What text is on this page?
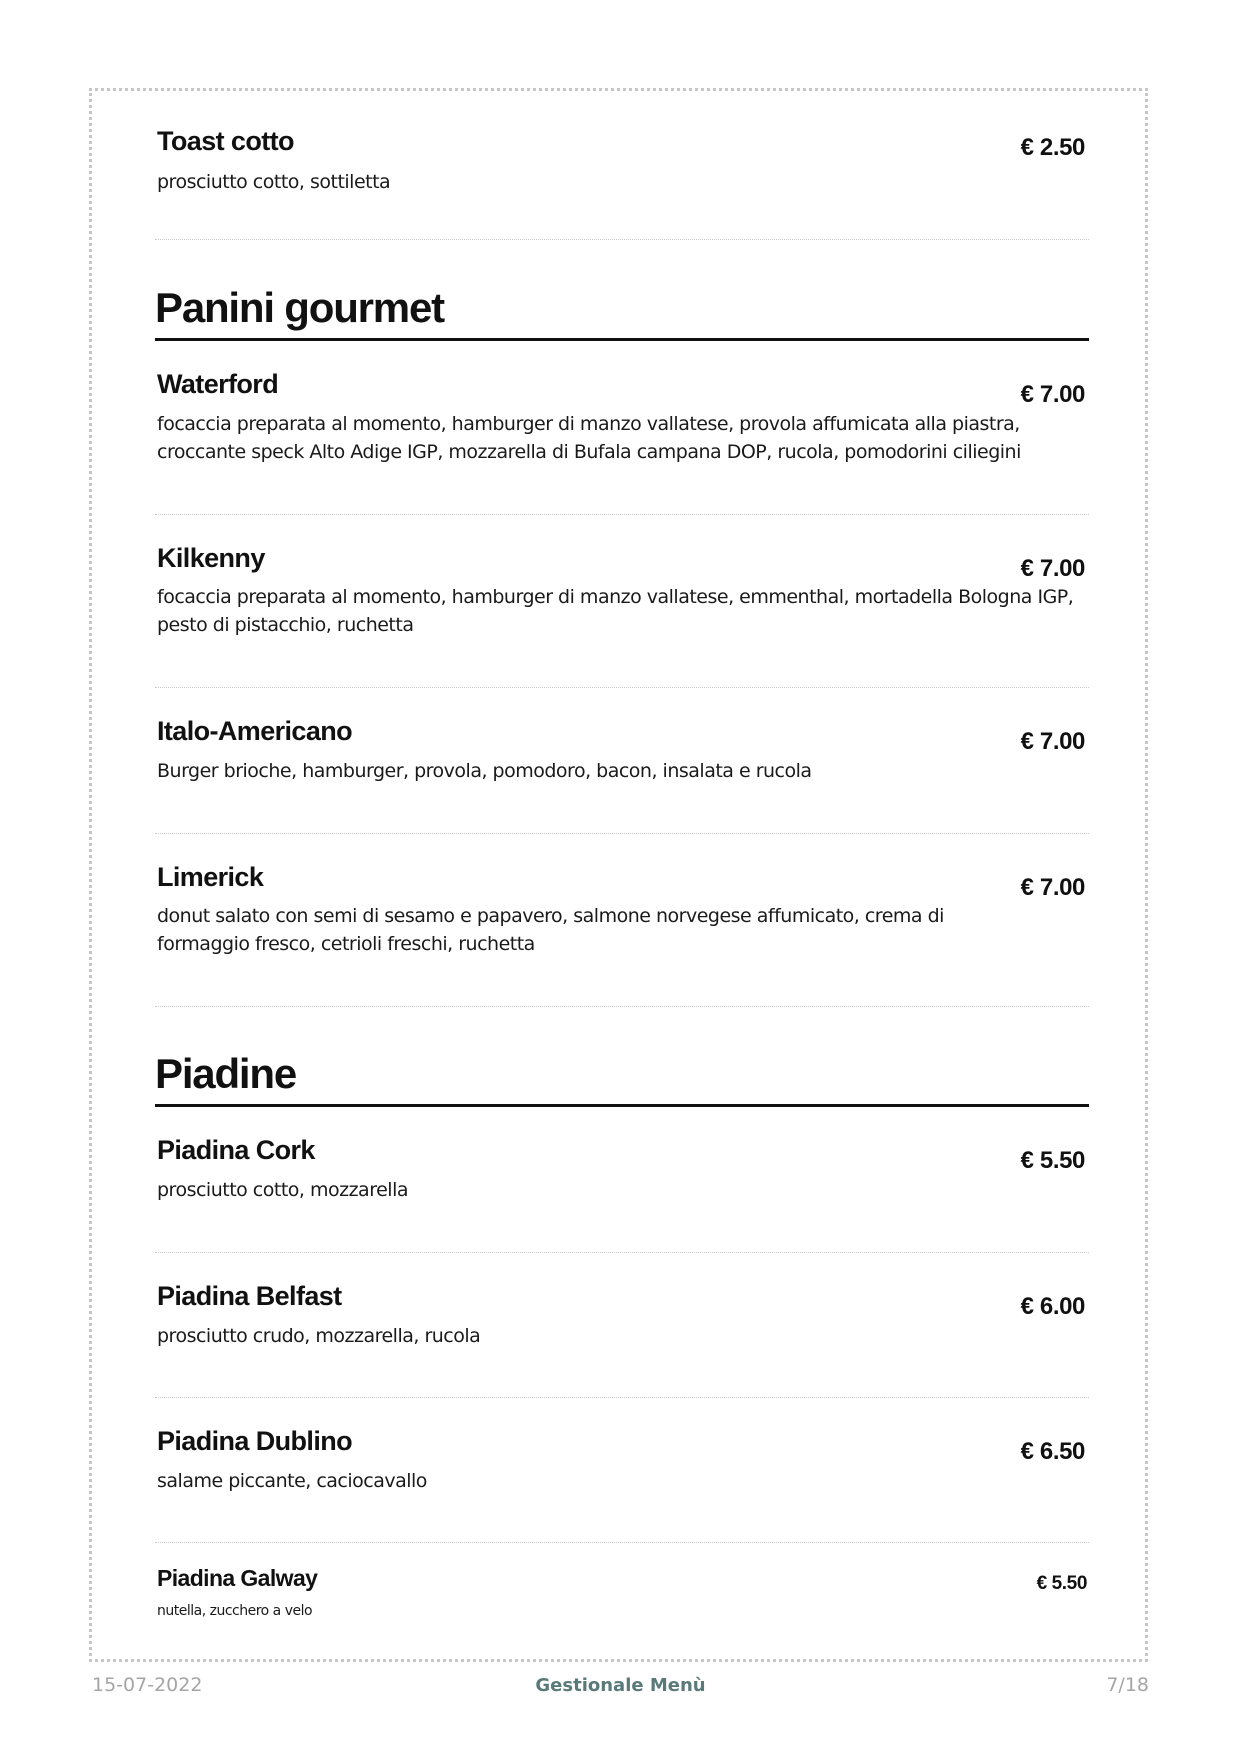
Toast cotto	€ 2.50
prosciutto cotto, sottiletta
Panini gourmet
Waterford	€ 7.00
focaccia preparata al momento, hamburger di manzo vallatese, provola affumicata alla piastra, croccante speck Alto Adige IGP, mozzarella di Bufala campana DOP, rucola, pomodorini ciliegini
Kilkenny	€ 7.00
focaccia preparata al momento, hamburger di manzo vallatese, emmenthal, mortadella Bologna IGP, pesto di pistacchio, ruchetta
Italo-Americano	€ 7.00
Burger brioche, hamburger, provola, pomodoro, bacon, insalata e rucola
Limerick	€ 7.00
donut salato con semi di sesamo e papavero, salmone norvegese affumicato, crema di formaggio fresco, cetrioli freschi, ruchetta
Piadine
Piadina Cork	€ 5.50
prosciutto cotto, mozzarella
Piadina Belfast	€ 6.00
prosciutto crudo, mozzarella, rucola
Piadina Dublino	€ 6.50
salame piccante, caciocavallo
Piadina Galway	€ 5.50
nutella, zucchero a velo
15-07-2022	Gestionale Menù	7/18
